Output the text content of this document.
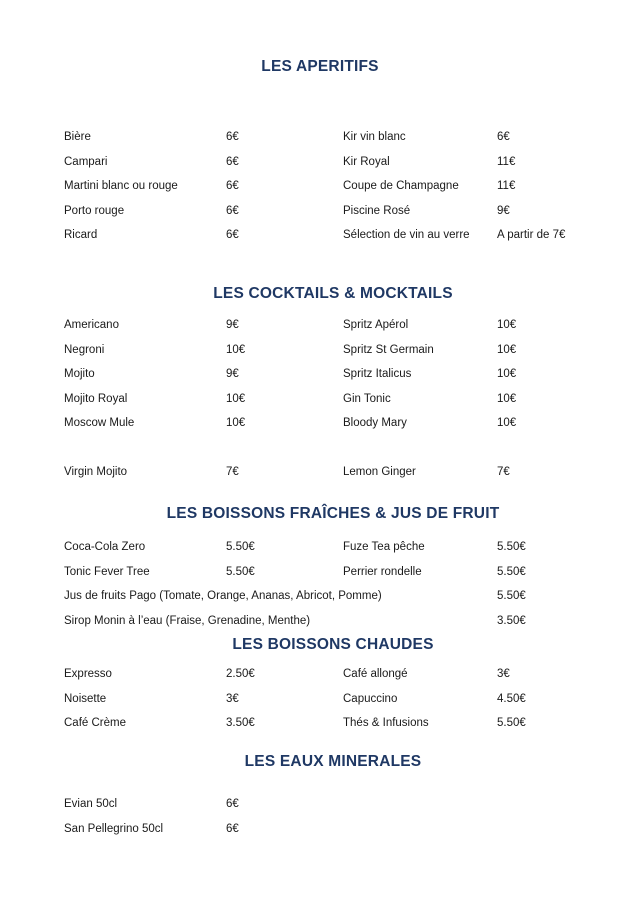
LES APERITIFS
Bière	6€	Kir vin blanc	6€
Campari	6€	Kir Royal	11€
Martini blanc ou rouge	6€	Coupe de Champagne	11€
Porto rouge	6€	Piscine Rosé	9€
Ricard	6€	Sélection de vin au verre	A partir de 7€
LES COCKTAILS & MOCKTAILS
Americano	9€	Spritz Apérol	10€
Negroni	10€	Spritz St Germain	10€
Mojito	9€	Spritz Italicus	10€
Mojito Royal	10€	Gin Tonic	10€
Moscow Mule	10€	Bloody Mary	10€
Virgin Mojito	7€	Lemon Ginger	7€
LES BOISSONS FRAÎCHES & JUS DE FRUIT
Coca-Cola Zero	5.50€	Fuze Tea pêche	5.50€
Tonic Fever Tree	5.50€	Perrier rondelle	5.50€
Jus de fruits Pago (Tomate, Orange, Ananas, Abricot, Pomme)	5.50€
Sirop Monin à l’eau (Fraise, Grenadine, Menthe)	3.50€
LES BOISSONS CHAUDES
Expresso	2.50€	Café allongé	3€
Noisette	3€	Capuccino	4.50€
Café Crème	3.50€	Thés & Infusions	5.50€
LES EAUX MINERALES
Evian 50cl	6€
San Pellegrino 50cl	6€
